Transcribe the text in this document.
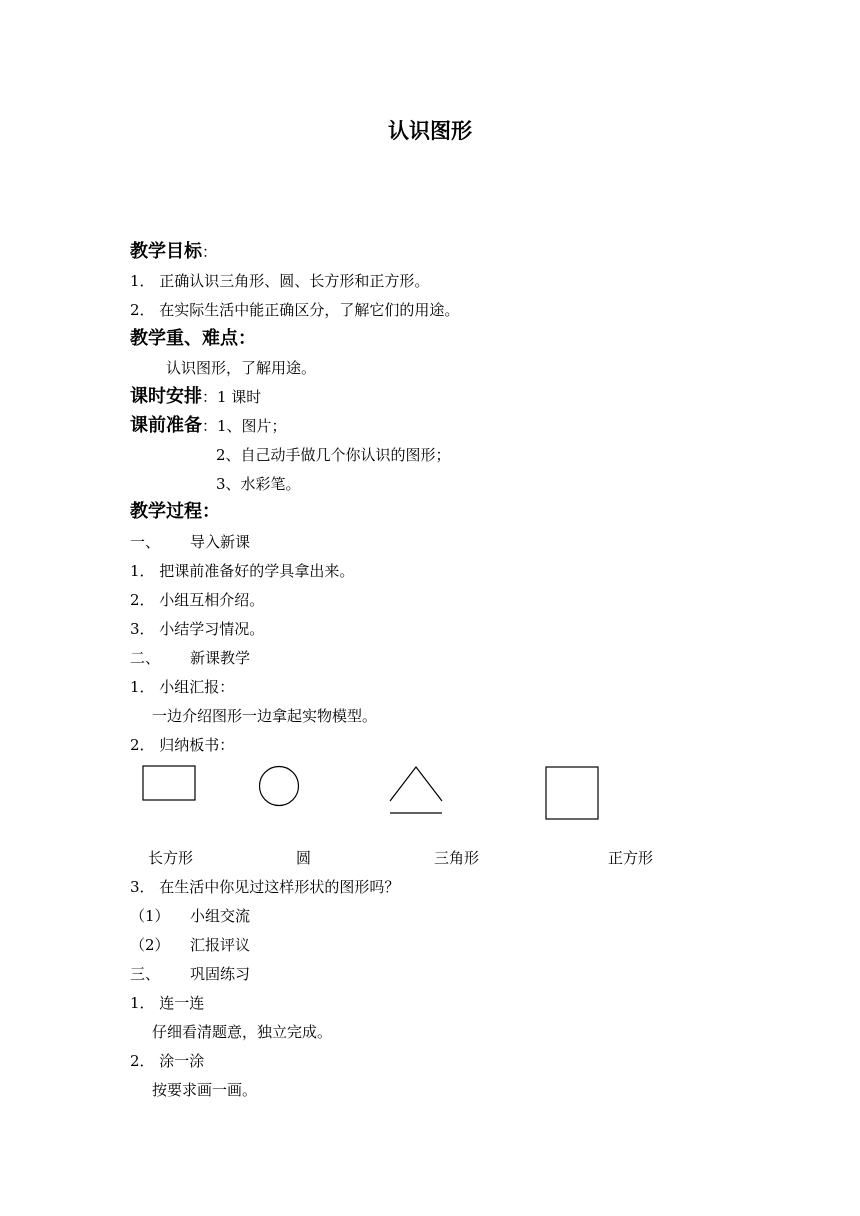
认识图形
教学目标：
1． 正确认识三角形、圆、长方形和正方形。
2． 在实际生活中能正确区分，了解它们的用途。
教学重、难点：
认识图形，了解用途。
课时安排：1 课时
课前准备：1、图片；
2、自己动手做几个你认识的图形；
3、水彩笔。
教学过程：
一、 导入新课
1． 把课前准备好的学具拿出来。
2． 小组互相介绍。
3． 小结学习情况。
二、 新课教学
1． 小组汇报：
一边介绍图形一边拿起实物模型。
2． 归纳板书：
长方形	圆	三角形	正方形
3． 在生活中你见过这样形状的图形吗？
（1） 小组交流
（2） 汇报评议
三、 巩固练习
1． 连一连
仔细看清题意，独立完成。
2． 涂一涂
按要求画一画。
